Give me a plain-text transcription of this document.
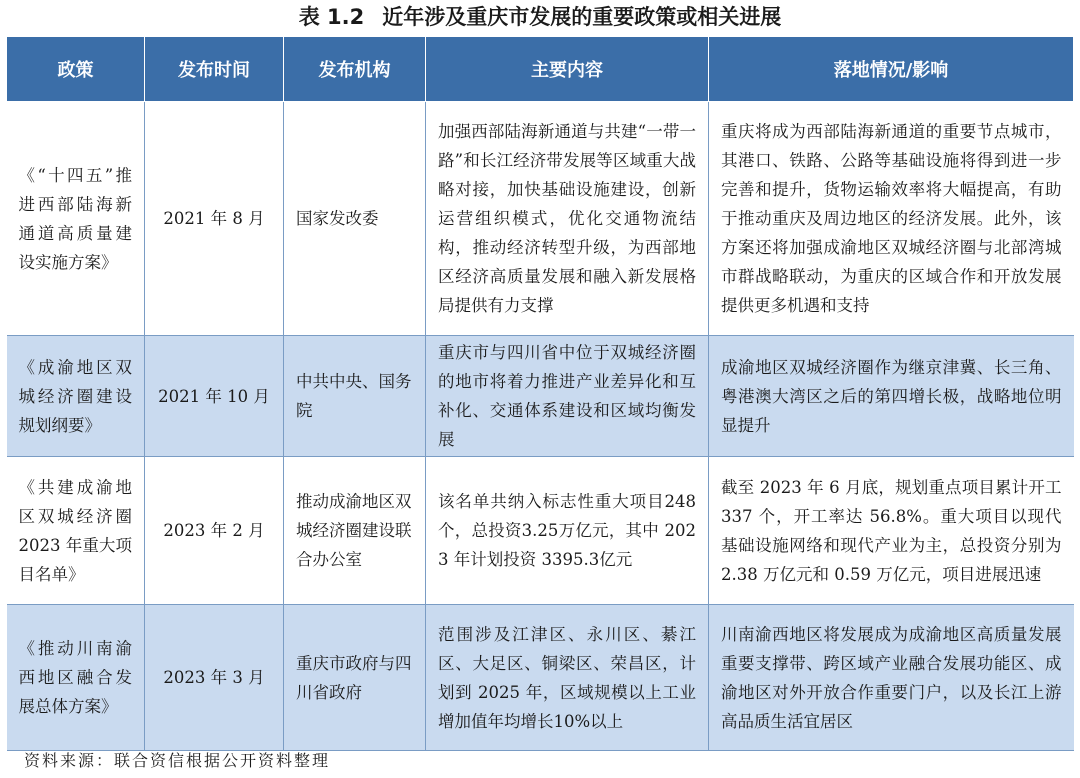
表 1.2 近年涉及重庆市发展的重要政策或相关进展
政策	发布时间	发布机构	主要内容	落地情况/影响
《“十四五”推进西部陆海新通道高质量建设实施方案》	2021 年 8 月	国家发改委	加强西部陆海新通道与共建“一带一路”和长江经济带发展等区域重大战略对接，加快基础设施建设，创新运营组织模式，优化交通物流结构，推动经济转型升级，为西部地区经济高质量发展和融入新发展格局提供有力支撑	重庆将成为西部陆海新通道的重要节点城市，其港口、铁路、公路等基础设施将得到进一步完善和提升，货物运输效率将大幅提高，有助于推动重庆及周边地区的经济发展。此外，该方案还将加强成渝地区双城经济圈与北部湾城市群战略联动，为重庆的区域合作和开放发展提供更多机遇和支持
《成渝地区双城经济圈建设规划纲要》	2021 年 10 月	中共中央、国务院	重庆市与四川省中位于双城经济圈的地市将着力推进产业差异化和互补化、交通体系建设和区域均衡发展	成渝地区双城经济圈作为继京津冀、长三角、粤港澳大湾区之后的第四增长极，战略地位明显提升
《共建成渝地区双城经济圈 2023 年重大项目名单》	2023 年 2 月	推动成渝地区双城经济圈建设联合办公室	该名单共纳入标志性重大项目248个，总投资3.25万亿元，其中 2023 年计划投资 3395.3亿元	截至 2023 年 6 月底，规划重点项目累计开工 337 个，开工率达 56.8%。重大项目以现代基础设施网络和现代产业为主，总投资分别为 2.38 万亿元和 0.59 万亿元，项目进展迅速
《推动川南渝西地区融合发展总体方案》	2023 年 3 月	重庆市政府与四川省政府	范围涉及江津区、永川区、綦江区、大足区、铜梁区、荣昌区，计划到 2025 年，区域规模以上工业增加值年均增长10%以上	川南渝西地区将发展成为成渝地区高质量发展重要支撑带、跨区域产业融合发展功能区、成渝地区对外开放合作重要门户，以及长江上游高品质生活宜居区
资料来源：联合资信根据公开资料整理
